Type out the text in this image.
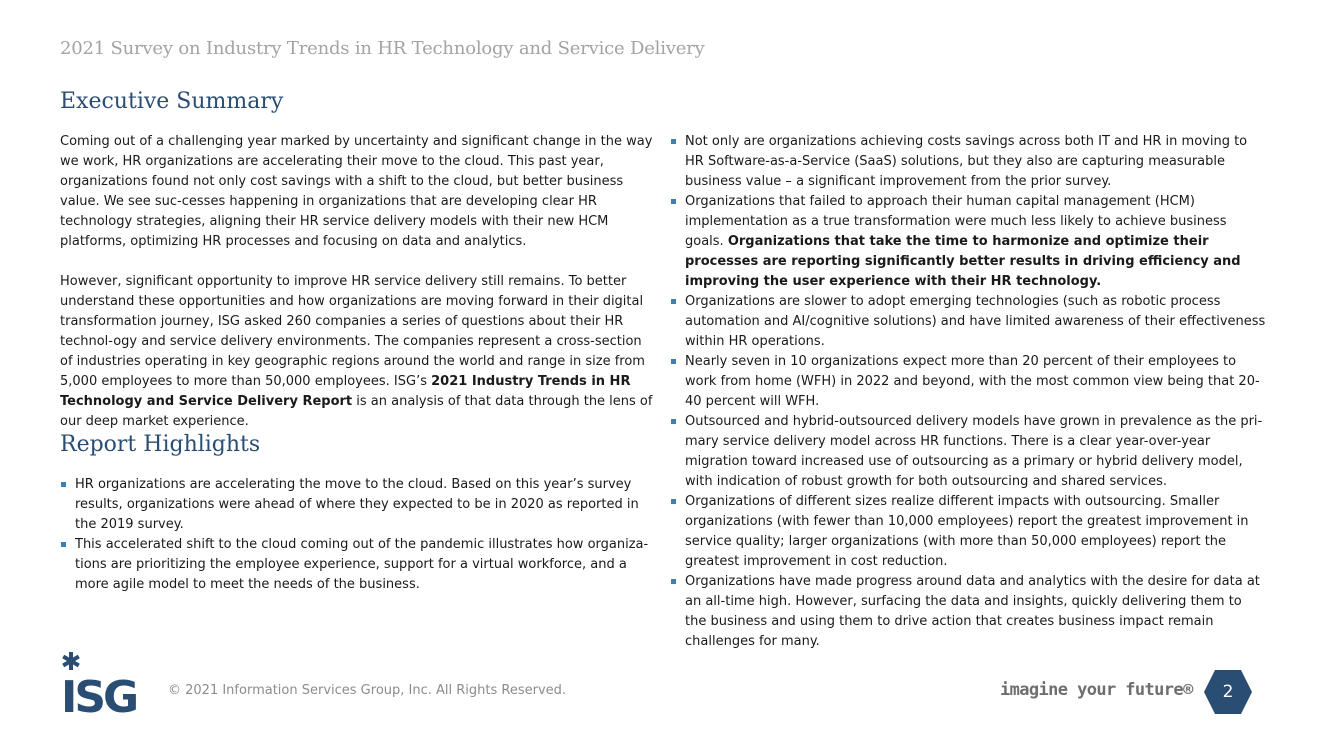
2021 Survey on Industry Trends in HR Technology and Service Delivery
Executive Summary

Coming out of a challenging year marked by uncertainty and significant change in the way we work, HR organizations are accelerating their move to the cloud. This past year, organizations found not only cost savings with a shift to the cloud, but better business value. We see suc-cesses happening in organizations that are developing clear HR technology strategies, aligning their HR service delivery models with their new HCM platforms, optimizing HR processes and focusing on data and analytics.

However, significant opportunity to improve HR service delivery still remains. To better understand these opportunities and how organizations are moving forward in their digital transformation journey, ISG asked 260 companies a series of questions about their HR technol-ogy and service delivery environments. The companies represent a cross-section of industries operating in key geographic regions around the world and range in size from 5,000 employees to more than 50,000 employees. ISG’s 2021 Industry Trends in HR Technology and Service Delivery Report is an analysis of that data through the lens of our deep market experience.

Report Highlights
HR organizations are accelerating the move to the cloud. Based on this year’s survey results, organizations were ahead of where they expected to be in 2020 as reported in the 2019 survey.
This accelerated shift to the cloud coming out of the pandemic illustrates how organiza-tions are prioritizing the employee experience, support for a virtual workforce, and a more agile model to meet the needs of the business.
Not only are organizations achieving costs savings across both IT and HR in moving to HR Software-as-a-Service (SaaS) solutions, but they also are capturing measurable business value – a significant improvement from the prior survey.
Organizations that failed to approach their human capital management (HCM) implementation as a true transformation were much less likely to achieve business goals. Organizations that take the time to harmonize and optimize their processes are reporting significantly better results in driving efficiency and improving the user experience with their HR technology.
Organizations are slower to adopt emerging technologies (such as robotic process automation and AI/cognitive solutions) and have limited awareness of their effectiveness within HR operations.
Nearly seven in 10 organizations expect more than 20 percent of their employees to work from home (WFH) in 2022 and beyond, with the most common view being that 20-40 percent will WFH.
Outsourced and hybrid-outsourced delivery models have grown in prevalence as the pri-mary service delivery model across HR functions. There is a clear year-over-year migration toward increased use of outsourcing as a primary or hybrid delivery model, with indication of robust growth for both outsourcing and shared services.
Organizations of different sizes realize different impacts with outsourcing. Smaller organizations (with fewer than 10,000 employees) report the greatest improvement in service quality; larger organizations (with more than 50,000 employees) report the greatest improvement in cost reduction.
Organizations have made progress around data and analytics with the desire for data at an all-time high. However, surfacing the data and insights, quickly delivering them to the business and using them to drive action that creates business impact remain challenges for many.
ISG © 2021 Information Services Group, Inc. All Rights Reserved.	imagine your future®	2
